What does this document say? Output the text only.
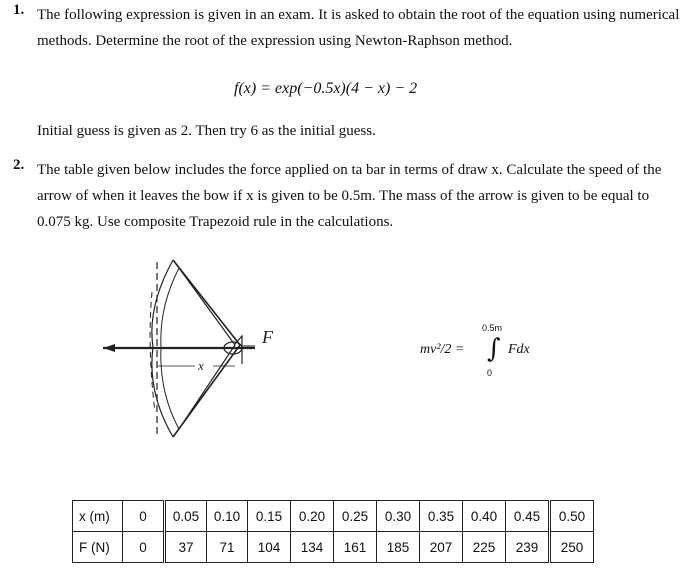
1. The following expression is given in an exam. It is asked to obtain the root of the equation using numerical
methods. Determine the root of the expression using Newton-Raphson method.
f(x) = exp(−0.5x)(4 − x) − 2
Initial guess is given as 2. Then try 6 as the initial guess.
2. The table given below includes the force applied on ta bar in terms of draw x. Calculate the speed of the
arrow of when it leaves the bow if x is given to be 0.5m. The mass of the arrow is given to be equal to
0.075 kg. Use composite Trapezoid rule in the calculations.
x
F
mv²/2 =
0.5m
∫
0
Fdx
x (m)	0	0.05	0.10	0.15	0.20	0.25	0.30	0.35	0.40	0.45	0.50
F (N)	0	37	71	104	134	161	185	207	225	239	250
